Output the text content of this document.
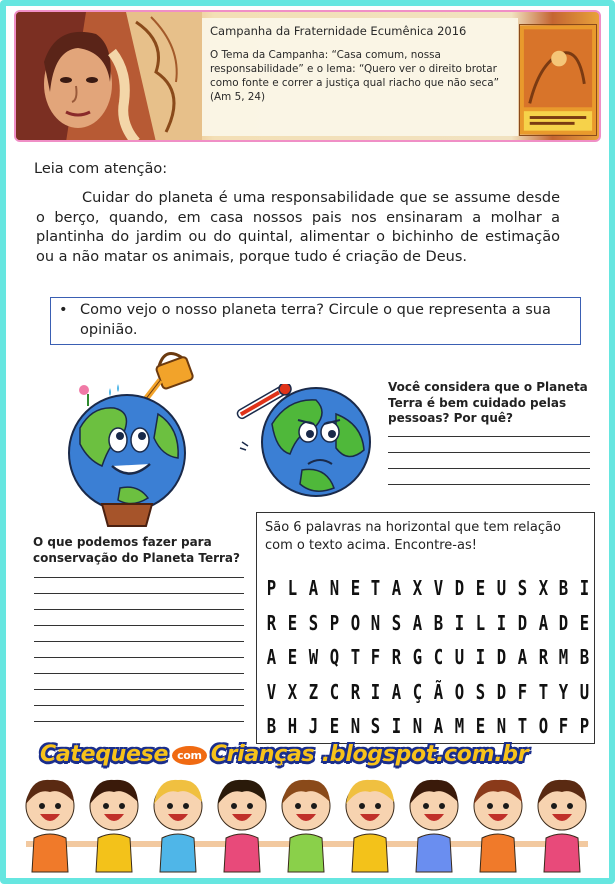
Campanha da Fraternidade Ecumênica 2016
O Tema da Campanha: “Casa comum, nossa responsabilidade” e o lema: “Quero ver o direito brotar como fonte e correr a justiça qual riacho que não seca” (Am 5, 24)
Leia com atenção:
Cuidar do planeta é uma responsabilidade que se assume desde o berço, quando, em casa nossos pais nos ensinaram a molhar a plantinha do jardim ou do quintal, alimentar o bichinho de estimação ou a não matar os animais, porque tudo é criação de Deus.
• Como vejo o nosso planeta terra? Circule o que representa a sua opinião.
Você considera que o Planeta Terra é bem cuidado pelas pessoas? Por quê?
O que podemos fazer para conservação do Planeta Terra?
São 6 palavras na horizontal que tem relação com o texto acima. Encontre-as!
P L A N E T A X V D E U S X B I
R E S P O N S A B I L I D A D E
A E W Q T F R G C U I D A R M B
V X Z C R I A Ç Ã O S D F T Y U
B H J E N S I N A M E N T O F P
Catequese com Crianças .blogspot.com.br
